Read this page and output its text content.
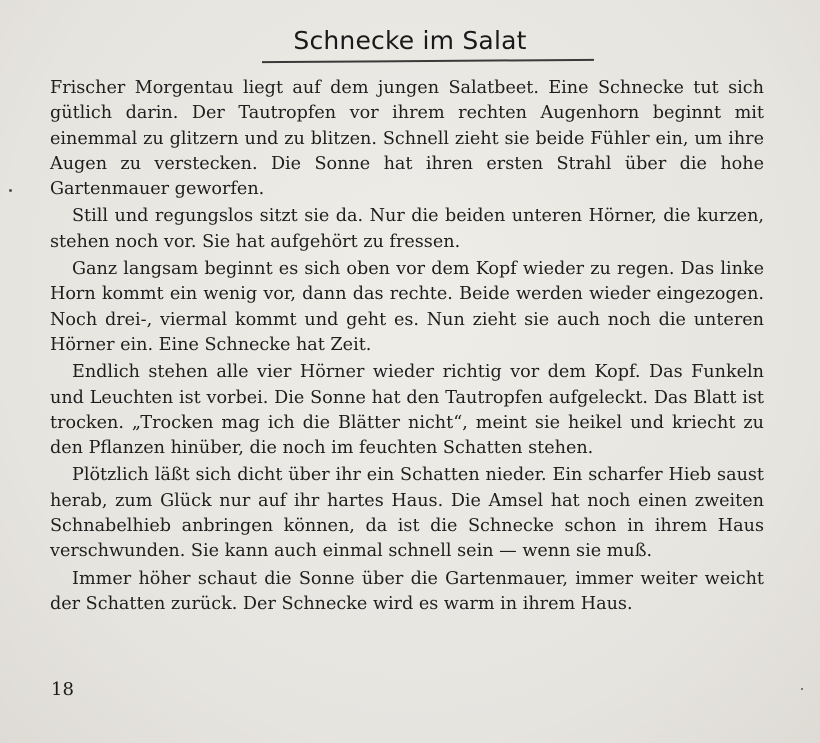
Schnecke im Salat

Frischer Morgentau liegt auf dem jungen Salatbeet. Eine Schnecke tut sich gütlich darin. Der Tautropfen vor ihrem rechten Augenhorn beginnt mit einemmal zu glitzern und zu blitzen. Schnell zieht sie beide Fühler ein, um ihre Augen zu verstecken. Die Sonne hat ihren ersten Strahl über die hohe Gartenmauer geworfen.

Still und regungslos sitzt sie da. Nur die beiden unteren Hörner, die kurzen, stehen noch vor. Sie hat aufgehört zu fressen.

Ganz langsam beginnt es sich oben vor dem Kopf wieder zu regen. Das linke Horn kommt ein wenig vor, dann das rechte. Beide werden wieder eingezogen. Noch drei-, viermal kommt und geht es. Nun zieht sie auch noch die unteren Hörner ein. Eine Schnecke hat Zeit.

Endlich stehen alle vier Hörner wieder richtig vor dem Kopf. Das Funkeln und Leuchten ist vorbei. Die Sonne hat den Tautropfen aufgeleckt. Das Blatt ist trocken. „Trocken mag ich die Blätter nicht“, meint sie heikel und kriecht zu den Pflanzen hinüber, die noch im feuchten Schatten stehen.

Plötzlich läßt sich dicht über ihr ein Schatten nieder. Ein scharfer Hieb saust herab, zum Glück nur auf ihr hartes Haus. Die Amsel hat noch einen zweiten Schnabelhieb anbringen können, da ist die Schnecke schon in ihrem Haus verschwunden. Sie kann auch einmal schnell sein — wenn sie muß.

Immer höher schaut die Sonne über die Gartenmauer, immer weiter weicht der Schatten zurück. Der Schnecke wird es warm in ihrem Haus.

18
